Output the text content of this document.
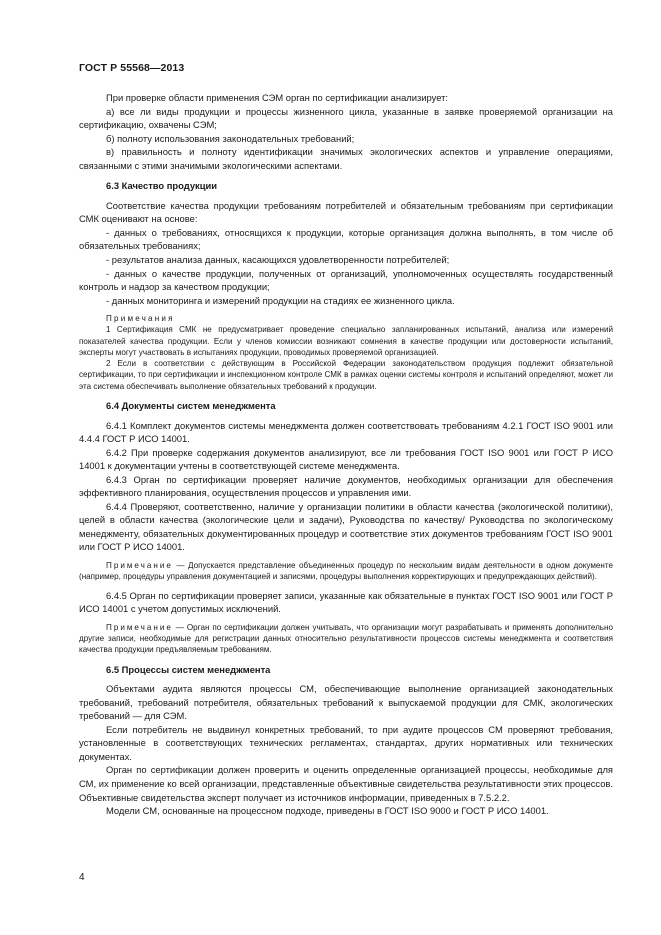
ГОСТ Р 55568—2013

При проверке области применения СЭМ орган по сертификации анализирует:

а) все ли виды продукции и процессы жизненного цикла, указанные в заявке проверяемой организации на сертификацию, охвачены СЭМ;

б) полноту использования законодательных требований;

в) правильность и полноту идентификации значимых экологических аспектов и управление операциями, связанными с этими значимыми экологическими аспектами.

6.3 Качество продукции

Соответствие качества продукции требованиям потребителей и обязательным требованиям при сертификации СМК оценивают на основе:

- данных о требованиях, относящихся к продукции, которые организация должна выполнять, в том числе об обязательных требованиях;

- результатов анализа данных, касающихся удовлетворенности потребителей;

- данных о качестве продукции, полученных от организаций, уполномоченных осуществлять государственный контроль и надзор за качеством продукции;

- данных мониторинга и измерений продукции на стадиях ее жизненного цикла.

Примечания

1 Сертификация СМК не предусматривает проведение специально запланированных испытаний, анализа или измерений показателей качества продукции. Если у членов комиссии возникают сомнения в качестве продукции или достоверности испытаний, эксперты могут участвовать в испытаниях продукции, проводимых проверяемой организацией.

2 Если в соответствии с действующим в Российской Федерации законодательством продукция подлежит обязательной сертификации, то при сертификации и инспекционном контроле СМК в рамках оценки системы контроля и испытаний определяют, может ли эта система обеспечивать выполнение обязательных требований к продукции.

6.4 Документы систем менеджмента

6.4.1 Комплект документов системы менеджмента должен соответствовать требованиям 4.2.1 ГОСТ ISO 9001 или 4.4.4 ГОСТ Р ИСО 14001.

6.4.2 При проверке содержания документов анализируют, все ли требования ГОСТ ISO 9001 или ГОСТ Р ИСО 14001 к документации учтены в соответствующей системе менеджмента.

6.4.3 Орган по сертификации проверяет наличие документов, необходимых организации для обеспечения эффективного планирования, осуществления процессов и управления ими.

6.4.4 Проверяют, соответственно, наличие у организации политики в области качества (экологической политики), целей в области качества (экологические цели и задачи), Руководства по качеству/ Руководства по экологическому менеджменту, обязательных документированных процедур и соответствие этих документов требованиям ГОСТ ISO 9001 или ГОСТ Р ИСО 14001.

Примечание — Допускается представление объединенных процедур по нескольким видам деятельности в одном документе (например, процедуры управления документацией и записями, процедуры выполнения корректирующих и предупреждающих действий).

6.4.5 Орган по сертификации проверяет записи, указанные как обязательные в пунктах ГОСТ ISO 9001 или ГОСТ Р ИСО 14001 с учетом допустимых исключений.

Примечание — Орган по сертификации должен учитывать, что организации могут разрабатывать и применять дополнительно другие записи, необходимые для регистрации данных относительно результативности процессов системы менеджмента и соответствия качества продукции предъявляемым требованиям.

6.5 Процессы систем менеджмента

Объектами аудита являются процессы СМ, обеспечивающие выполнение организацией законодательных требований, требований потребителя, обязательных требований к выпускаемой продукции для СМК, экологических требований — для СЭМ.

Если потребитель не выдвинул конкретных требований, то при аудите процессов СМ проверяют требования, установленные в соответствующих технических регламентах, стандартах, других нормативных или технических документах.

Орган по сертификации должен проверить и оценить определенные организацией процессы, необходимые для СМ, их применение ко всей организации, представленные объективные свидетельства результативности этих процессов. Объективные свидетельства эксперт получает из источников информации, приведенных в 7.5.2.2.

Модели СМ, основанные на процессном подходе, приведены в ГОСТ ISO 9000 и ГОСТ Р ИСО 14001.

4
